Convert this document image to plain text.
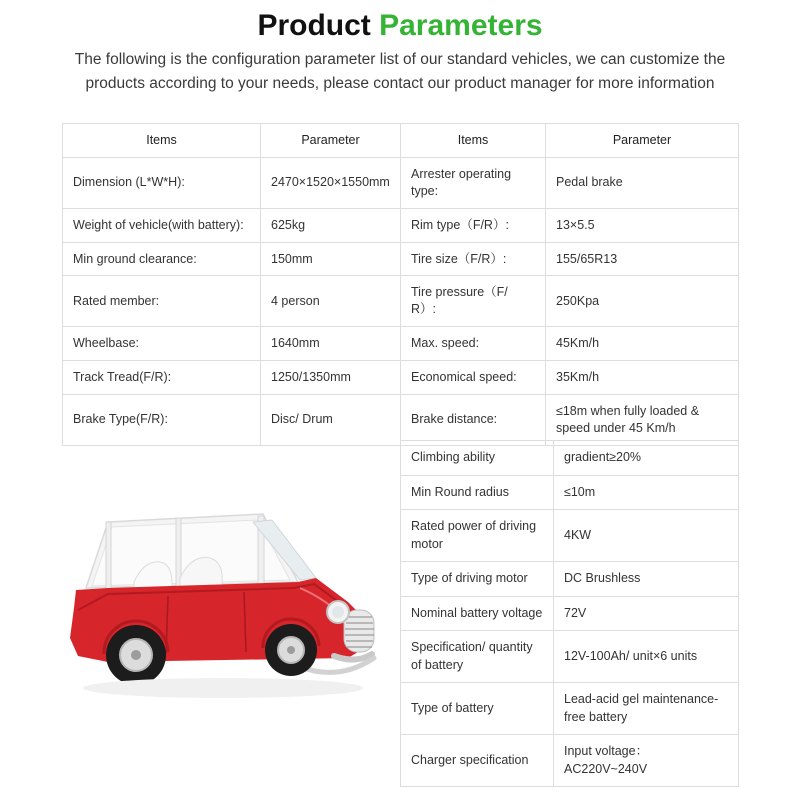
Product Parameters
The following is the configuration parameter list of our standard vehicles, we can customize the products according to your needs, please contact our product manager for more information
Items	Parameter	Items	Parameter
Dimension (L*W*H):	2470×1520×1550mm	Arrester operating type:	Pedal brake
Weight of vehicle(with battery):	625kg	Rim type（F/R）:	13×5.5
Min ground clearance:	150mm	Tire size（F/R）:	155/65R13
Rated member:	4 person	Tire pressure（F/ R）:	250Kpa
Wheelbase:	1640mm	Max. speed:	45Km/h
Track Tread(F/R):	1250/1350mm	Economical speed:	35Km/h
Brake Type(F/R):	Disc/ Drum	Brake distance:	≤18m when fully loaded & speed under 45 Km/h
Climbing ability	gradient≥20%
Min Round radius	≤10m
Rated power of driving motor	4KW
Type of driving motor	DC Brushless
Nominal battery voltage	72V
Specification/ quantity of battery	12V-100Ah/ unit×6 units
Type of battery	Lead-acid gel maintenance-free battery
Charger specification	Input voltage：AC220V~240V
